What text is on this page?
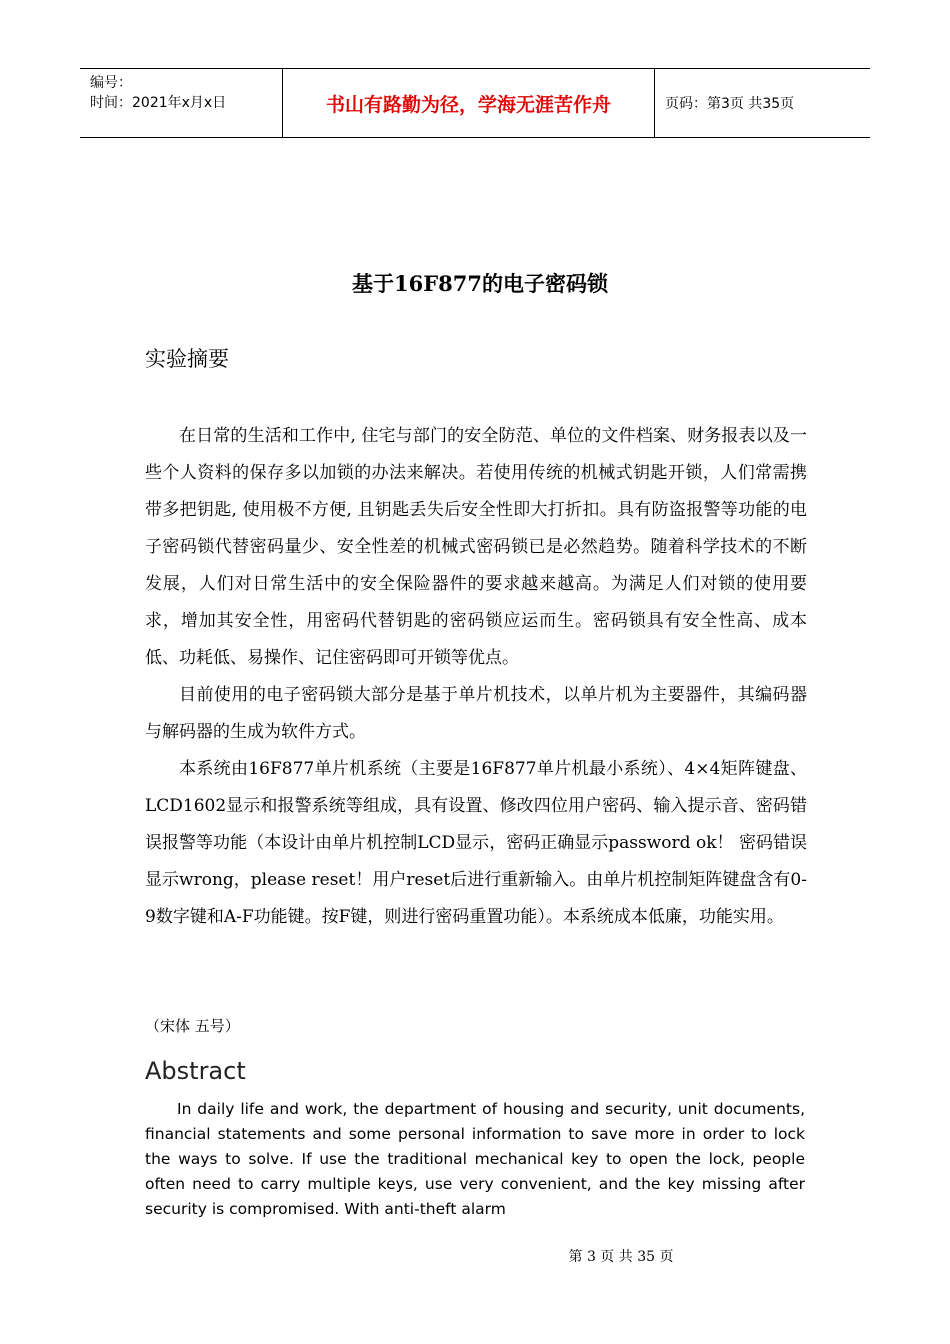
编号：
时间：2021年x月x日	书山有路勤为径，学海无涯苦作舟	页码：第3页 共35页
基于16F877的电子密码锁
实验摘要

在日常的生活和工作中, 住宅与部门的安全防范、单位的文件档案、财务报表以及一些个人资料的保存多以加锁的办法来解决。若使用传统的机械式钥匙开锁，人们常需携带多把钥匙, 使用极不方便, 且钥匙丢失后安全性即大打折扣。具有防盗报警等功能的电子密码锁代替密码量少、安全性差的机械式密码锁已是必然趋势。随着科学技术的不断发展，人们对日常生活中的安全保险器件的要求越来越高。为满足人们对锁的使用要求，增加其安全性，用密码代替钥匙的密码锁应运而生。密码锁具有安全性高、成本低、功耗低、易操作、记住密码即可开锁等优点。

目前使用的电子密码锁大部分是基于单片机技术，以单片机为主要器件，其编码器与解码器的生成为软件方式。

本系统由16F877单片机系统（主要是16F877单片机最小系统）、4×4矩阵键盘、LCD1602显示和报警系统等组成，具有设置、修改四位用户密码、输入提示音、密码错误报警等功能（本设计由单片机控制LCD显示，密码正确显示password ok！ 密码错误显示wrong，please reset！用户reset后进行重新输入。由单片机控制矩阵键盘含有0-9数字键和A-F功能键。按F键，则进行密码重置功能）。本系统成本低廉，功能实用。

（宋体 五号）
Abstract

In daily life and work, the department of housing and security, unit documents, financial statements and some personal information to save more in order to lock the ways to solve. If use the traditional mechanical key to open the lock, people often need to carry multiple keys, use very convenient, and the key missing after security is compromised. With anti-theft alarm

第 3 页 共 35 页
